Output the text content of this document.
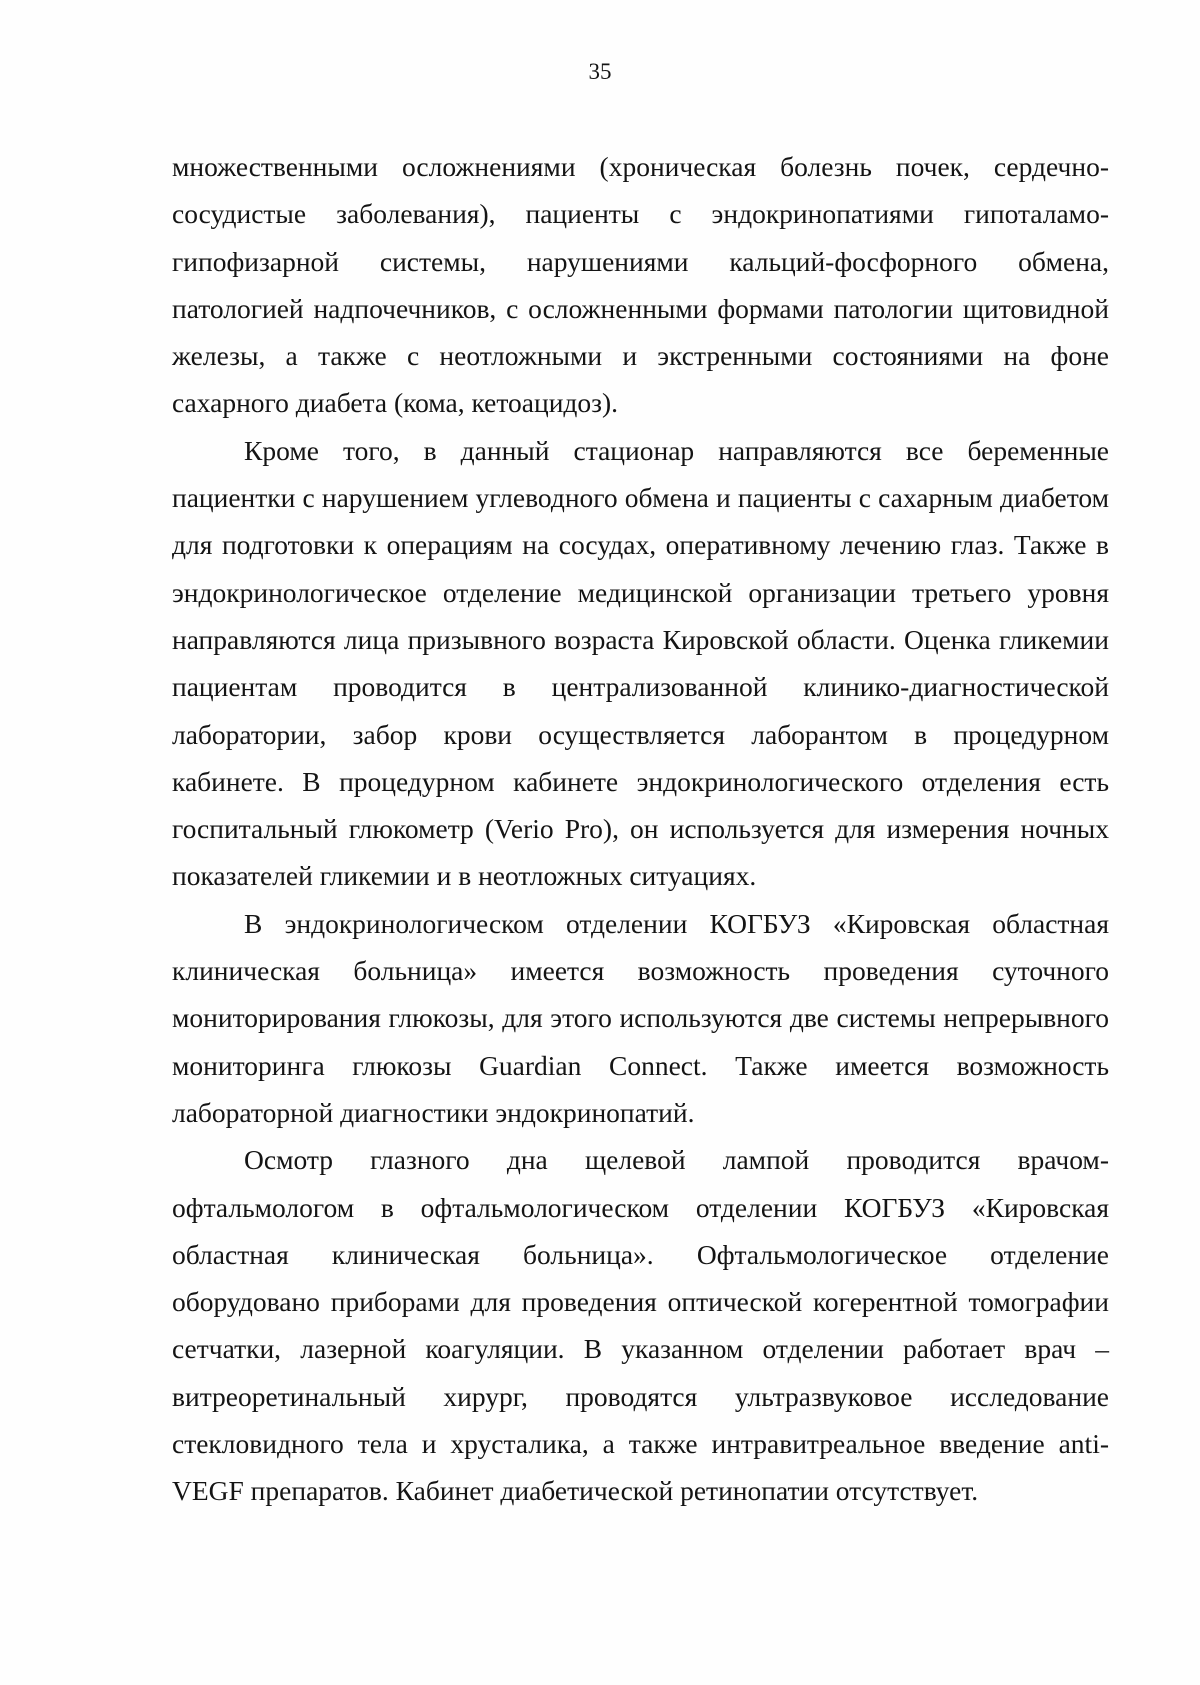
35

множественными осложнениями (хроническая болезнь почек, сердечно-сосудистые заболевания), пациенты с эндокринопатиями гипоталамо-гипофизарной системы, нарушениями кальций-фосфорного обмена, патологией надпочечников, с осложненными формами патологии щитовидной железы, а также с неотложными и экстренными состояниями на фоне сахарного диабета (кома, кетоацидоз).

Кроме того, в данный стационар направляются все беременные пациентки с нарушением углеводного обмена и пациенты с сахарным диабетом для подготовки к операциям на сосудах, оперативному лечению глаз. Также в эндокринологическое отделение медицинской организации третьего уровня направляются лица призывного возраста Кировской области. Оценка гликемии пациентам проводится в централизованной клинико-диагностической лаборатории, забор крови осуществляется лаборантом в процедурном кабинете. В процедурном кабинете эндокринологического отделения есть госпитальный глюкометр (Verio Pro), он используется для измерения ночных показателей гликемии и в неотложных ситуациях.

В эндокринологическом отделении КОГБУЗ «Кировская областная клиническая больница» имеется возможность проведения суточного мониторирования глюкозы, для этого используются две системы непрерывного мониторинга глюкозы Guardian Connect. Также имеется возможность лабораторной диагностики эндокринопатий.

Осмотр глазного дна щелевой лампой проводится врачом-офтальмологом в офтальмологическом отделении КОГБУЗ «Кировская областная клиническая больница». Офтальмологическое отделение оборудовано приборами для проведения оптической когерентной томографии сетчатки, лазерной коагуляции. В указанном отделении работает врач – витреоретинальный хирург, проводятся ультразвуковое исследование стекловидного тела и хрусталика, а также интравитреальное введение anti-VEGF препаратов. Кабинет диабетической ретинопатии отсутствует.
